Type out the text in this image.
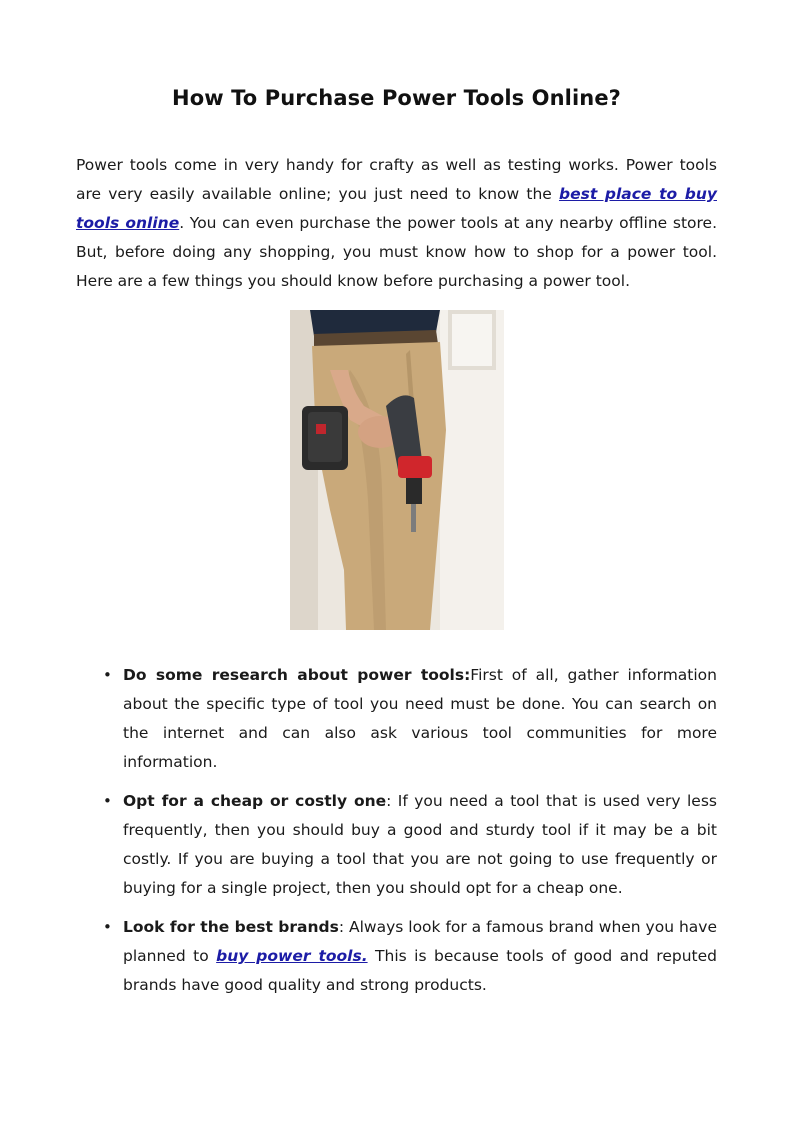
How To Purchase Power Tools Online?

Power tools come in very handy for crafty as well as testing works. Power tools are very easily available online; you just need to know the best place to buy tools online. You can even purchase the power tools at any nearby offline store. But, before doing any shopping, you must know how to shop for a power tool. Here are a few things you should know before purchasing a power tool.

• Do some research about power tools:First of all, gather information about the specific type of tool you need must be done. You can search on the internet and can also ask various tool communities for more information.
• Opt for a cheap or costly one: If you need a tool that is used very less frequently, then you should buy a good and sturdy tool if it may be a bit costly. If you are buying a tool that you are not going to use frequently or buying for a single project, then you should opt for a cheap one.
• Look for the best brands: Always look for a famous brand when you have planned to buy power tools. This is because tools of good and reputed brands have good quality and strong products.
